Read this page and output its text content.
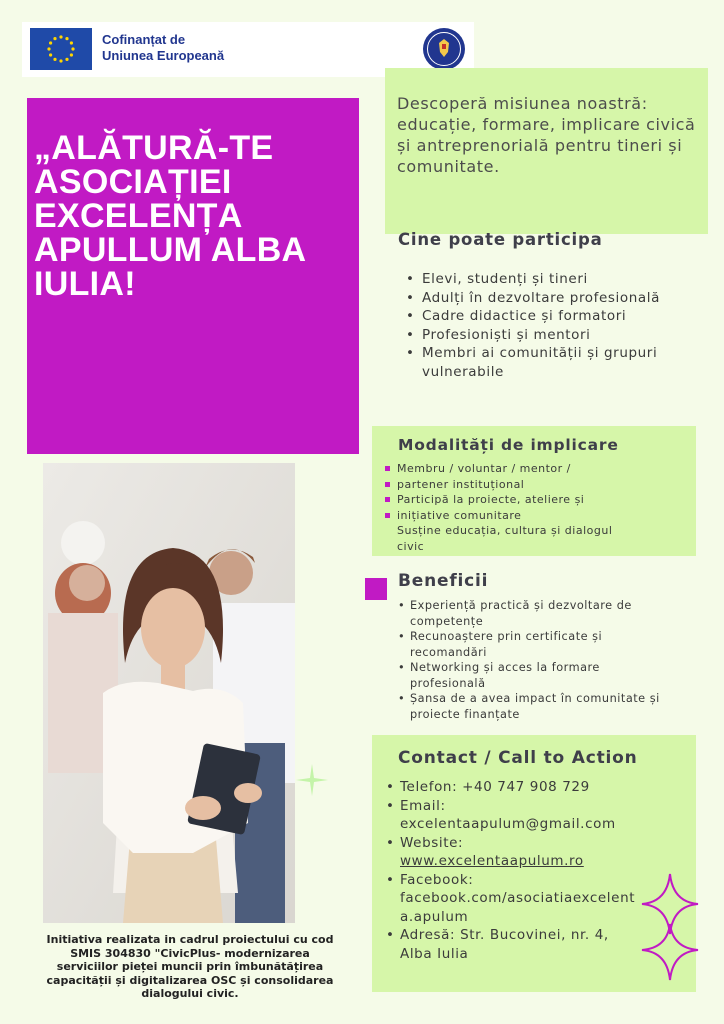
Cofinanțat de
Uniunea Europeană
„ALĂTURĂ-TE ASOCIAȚIEI EXCELENȚA APULLUM ALBA IULIA!
Descoperă misiunea noastră: educație, formare, implicare civică și antreprenorială pentru tineri și comunitate.
Cine poate participa
• Elevi, studenți și tineri
• Adulți în dezvoltare profesională
• Cadre didactice și formatori
• Profesioniști și mentori
• Membri ai comunității și grupuri vulnerabile
Modalități de implicare
Membru / voluntar / mentor /
partener instituțional
Participă la proiecte, ateliere și
inițiative comunitare
Susține educația, cultura și dialogul
civic
Beneficii
• Experiență practică și dezvoltare de competențe
• Recunoaștere prin certificate și recomandări
• Networking și acces la formare profesională
• Șansa de a avea impact în comunitate și proiecte finanțate
Contact / Call to Action
• Telefon: +40 747 908 729
• Email:
excelentaapulum@gmail.com
• Website:
www.excelentaapulum.ro
• Facebook:
facebook.com/asociatiaexcelenta.apulum
• Adresă: Str. Bucovinei, nr. 4, Alba Iulia
Initiativa realizata in cadrul proiectului cu cod SMIS 304830 "CivicPlus- modernizarea serviciilor pieței muncii prin îmbunătățirea capacității și digitalizarea OSC și consolidarea dialogului civic.
